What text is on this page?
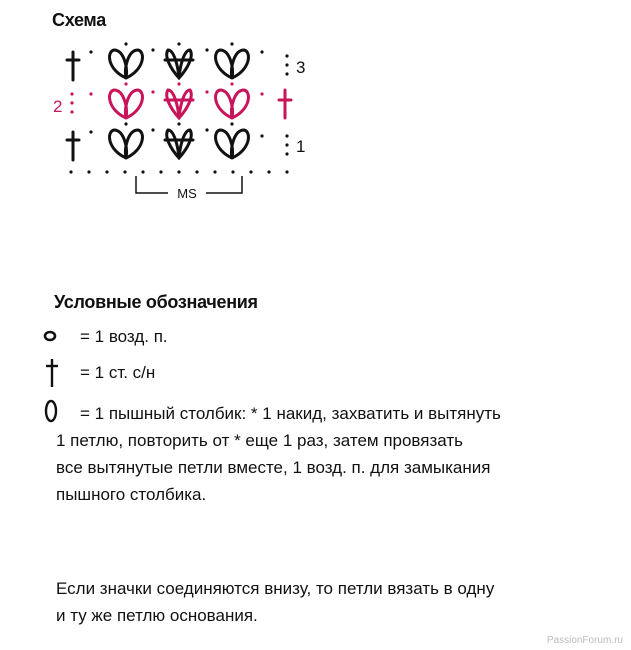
Схема
3
2
1
MS
Условные обозначения
= 1 возд. п.
= 1 ст. с/н
= 1 пышный столбик: * 1 накид, захватить и вытянуть
1 петлю, повторить от * еще 1 раз, затем провязать
все вытянутые петли вместе, 1 возд. п. для замыкания
пышного столбика.
Если значки соединяются внизу, то петли вязать в одну
и ту же петлю основания.
PassionForum.ru
